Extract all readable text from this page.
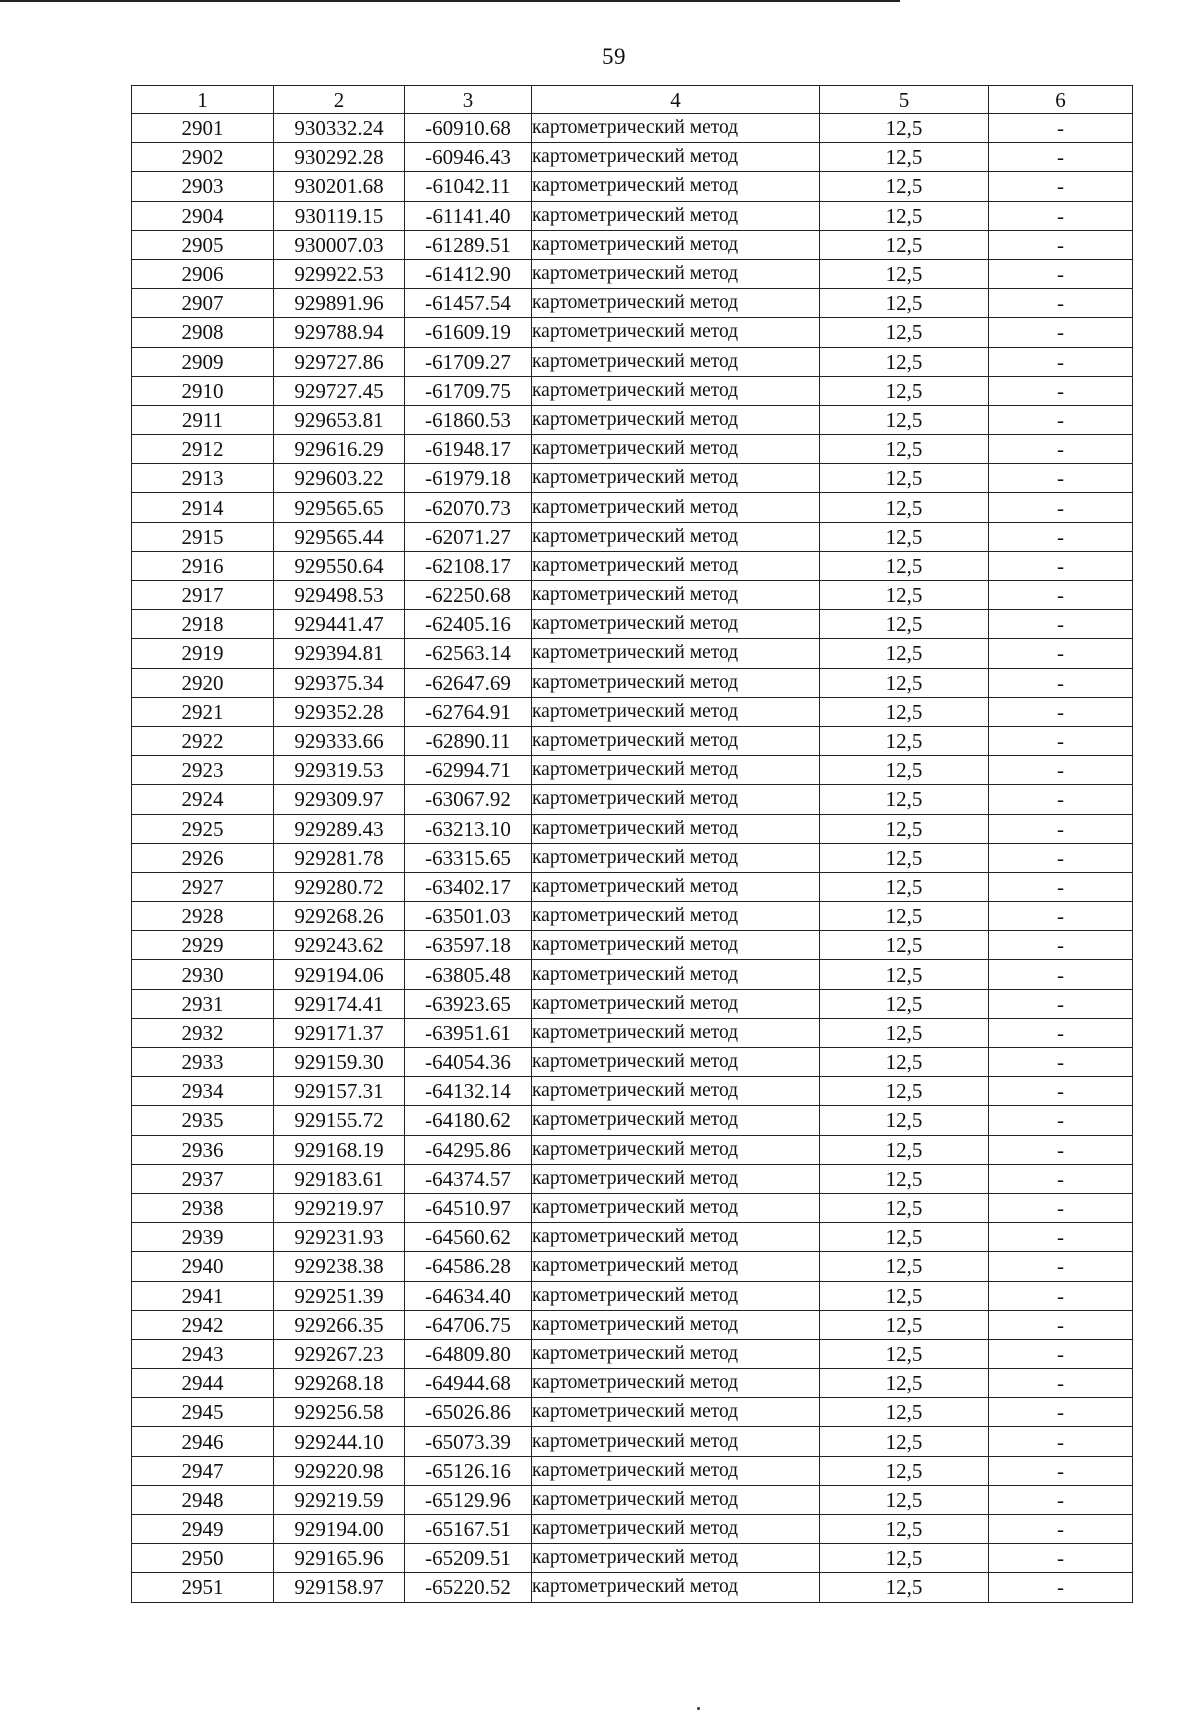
59
1	2	3	4	5	6
2901	930332.24	-60910.68	картометрический метод	12,5	-
2902	930292.28	-60946.43	картометрический метод	12,5	-
2903	930201.68	-61042.11	картометрический метод	12,5	-
2904	930119.15	-61141.40	картометрический метод	12,5	-
2905	930007.03	-61289.51	картометрический метод	12,5	-
2906	929922.53	-61412.90	картометрический метод	12,5	-
2907	929891.96	-61457.54	картометрический метод	12,5	-
2908	929788.94	-61609.19	картометрический метод	12,5	-
2909	929727.86	-61709.27	картометрический метод	12,5	-
2910	929727.45	-61709.75	картометрический метод	12,5	-
2911	929653.81	-61860.53	картометрический метод	12,5	-
2912	929616.29	-61948.17	картометрический метод	12,5	-
2913	929603.22	-61979.18	картометрический метод	12,5	-
2914	929565.65	-62070.73	картометрический метод	12,5	-
2915	929565.44	-62071.27	картометрический метод	12,5	-
2916	929550.64	-62108.17	картометрический метод	12,5	-
2917	929498.53	-62250.68	картометрический метод	12,5	-
2918	929441.47	-62405.16	картометрический метод	12,5	-
2919	929394.81	-62563.14	картометрический метод	12,5	-
2920	929375.34	-62647.69	картометрический метод	12,5	-
2921	929352.28	-62764.91	картометрический метод	12,5	-
2922	929333.66	-62890.11	картометрический метод	12,5	-
2923	929319.53	-62994.71	картометрический метод	12,5	-
2924	929309.97	-63067.92	картометрический метод	12,5	-
2925	929289.43	-63213.10	картометрический метод	12,5	-
2926	929281.78	-63315.65	картометрический метод	12,5	-
2927	929280.72	-63402.17	картометрический метод	12,5	-
2928	929268.26	-63501.03	картометрический метод	12,5	-
2929	929243.62	-63597.18	картометрический метод	12,5	-
2930	929194.06	-63805.48	картометрический метод	12,5	-
2931	929174.41	-63923.65	картометрический метод	12,5	-
2932	929171.37	-63951.61	картометрический метод	12,5	-
2933	929159.30	-64054.36	картометрический метод	12,5	-
2934	929157.31	-64132.14	картометрический метод	12,5	-
2935	929155.72	-64180.62	картометрический метод	12,5	-
2936	929168.19	-64295.86	картометрический метод	12,5	-
2937	929183.61	-64374.57	картометрический метод	12,5	-
2938	929219.97	-64510.97	картометрический метод	12,5	-
2939	929231.93	-64560.62	картометрический метод	12,5	-
2940	929238.38	-64586.28	картометрический метод	12,5	-
2941	929251.39	-64634.40	картометрический метод	12,5	-
2942	929266.35	-64706.75	картометрический метод	12,5	-
2943	929267.23	-64809.80	картометрический метод	12,5	-
2944	929268.18	-64944.68	картометрический метод	12,5	-
2945	929256.58	-65026.86	картометрический метод	12,5	-
2946	929244.10	-65073.39	картометрический метод	12,5	-
2947	929220.98	-65126.16	картометрический метод	12,5	-
2948	929219.59	-65129.96	картометрический метод	12,5	-
2949	929194.00	-65167.51	картометрический метод	12,5	-
2950	929165.96	-65209.51	картометрический метод	12,5	-
2951	929158.97	-65220.52	картометрический метод	12,5	-
